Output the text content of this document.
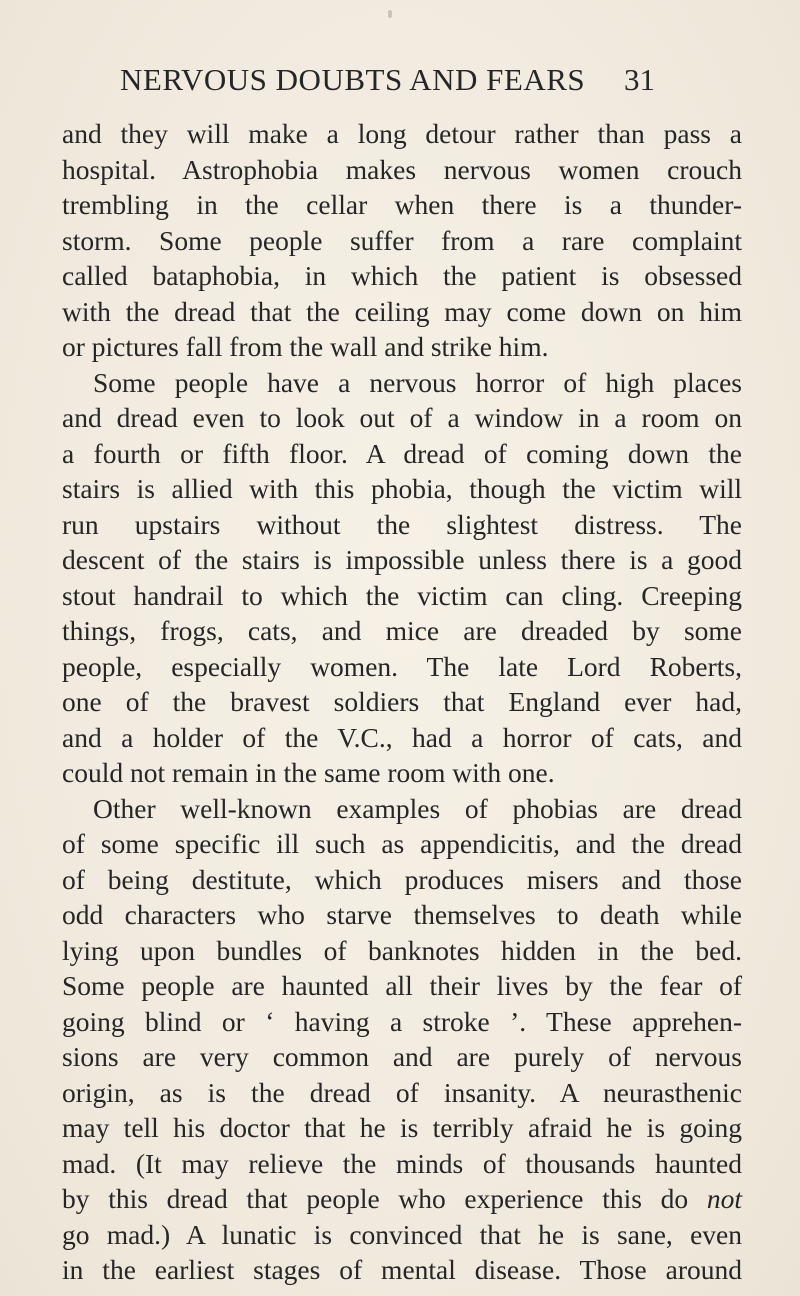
NERVOUS DOUBTS AND FEARS 31
and they will make a long detour rather than pass a
hospital. Astrophobia makes nervous women crouch
trembling in the cellar when there is a thunder-
storm. Some people suffer from a rare complaint
called bataphobia, in which the patient is obsessed
with the dread that the ceiling may come down on him
or pictures fall from the wall and strike him.
Some people have a nervous horror of high places
and dread even to look out of a window in a room on
a fourth or fifth floor. A dread of coming down the
stairs is allied with this phobia, though the victim will
run upstairs without the slightest distress. The
descent of the stairs is impossible unless there is a good
stout handrail to which the victim can cling. Creeping
things, frogs, cats, and mice are dreaded by some
people, especially women. The late Lord Roberts,
one of the bravest soldiers that England ever had,
and a holder of the V.C., had a horror of cats, and
could not remain in the same room with one.
Other well-known examples of phobias are dread
of some specific ill such as appendicitis, and the dread
of being destitute, which produces misers and those
odd characters who starve themselves to death while
lying upon bundles of banknotes hidden in the bed.
Some people are haunted all their lives by the fear of
going blind or ‘ having a stroke ’. These apprehen-
sions are very common and are purely of nervous
origin, as is the dread of insanity. A neurasthenic
may tell his doctor that he is terribly afraid he is going
mad. (It may relieve the minds of thousands haunted
by this dread that people who experience this do not
go mad.) A lunatic is convinced that he is sane, even
in the earliest stages of mental disease. Those around
